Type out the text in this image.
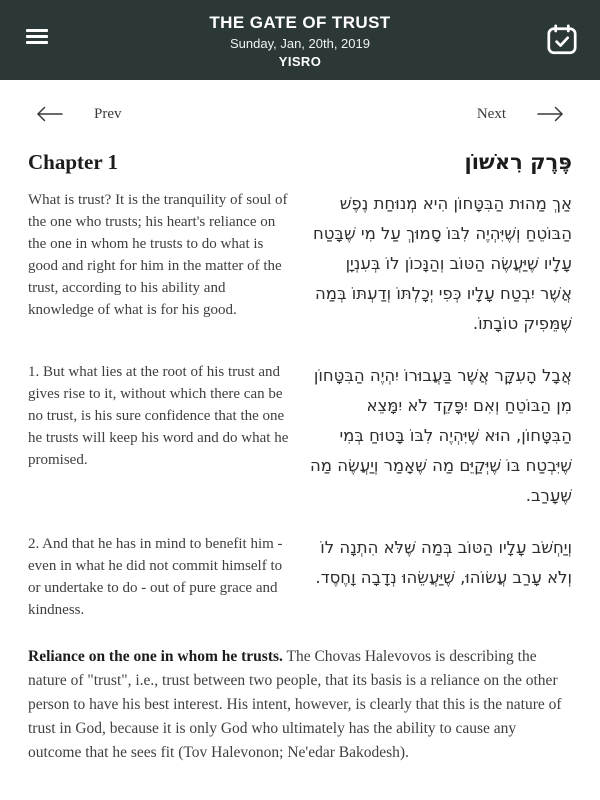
THE GATE OF TRUST
Sunday, Jan, 20th, 2019
YISRO
Prev	Next
Chapter 1	פֶּרֶק רִאשׁוֹן

What is trust? It is the tranquility of soul of the one who trusts; his heart's reliance on the one in whom he trusts to do what is good and right for him in the matter of the trust, according to his ability and knowledge of what is for his good.

אַךְ מַהוּת הַבִּטָּחוֹן הִיא מְנוּחַת נֶפֶשׁ הַבּוֹטֵחַ וְשֶׁיִּהְיֶה לִבּוֹ סָמוּךְ עַל מִי שֶׁבָּטַח עָלָיו שֶׁיַּעֲשֶׂה הַטּוֹב וְהַנָּכוֹן לוֹ בְּעִנְיָן אֲשֶׁר יִבְטַח עָלָיו כְּפִי יְכָלְתּוֹ וְדַעְתּוֹ בְּמַה שֶּׁמֵּפִיק טוֹבָתוֹ.

1. But what lies at the root of his trust and gives rise to it, without which there can be no trust, is his sure confidence that the one he trusts will keep his word and do what he promised.

אֲבָל הָעִקָּר אֲשֶׁר בַּעֲבוּרוֹ יִהְיֶה הַבִּטָּחוֹן מִן הַבּוֹטֵחַ וְאִם יִפָּקֵד לֹא יִמָּצֵא הַבִּטָּחוֹן, הוּא שֶׁיִּהְיֶה לִבּוֹ בָּטוּחַ בְּמִי שֶׁיִּבְטַח בּוֹ שֶׁיְּקַיֵּם מַה שֶּׁאָמַר וְיַעֲשֶׂה מַה שֶּׁעָרַב.

2. And that he has in mind to benefit him - even in what he did not commit himself to or undertake to do - out of pure grace and kindness.

וְיַחְשֹׁב עָלָיו הַטּוֹב בְּמַה שֶּׁלֹּא הִתְנָה לוֹ וְלֹא עָרַב עֲשׂוֹהוּ, שֶׁיַּעֲשֵׂהוּ נְדָבָה וָחֶסֶד.

Reliance on the one in whom he trusts. The Chovas Halevovos is describing the nature of "trust", i.e., trust between two people, that its basis is a reliance on the other person to have his best interest. His intent, however, is clearly that this is the nature of trust in God, because it is only God who ultimately has the ability to cause any outcome that he sees fit (Tov Halevonon; Ne'edar Bakodesh).
